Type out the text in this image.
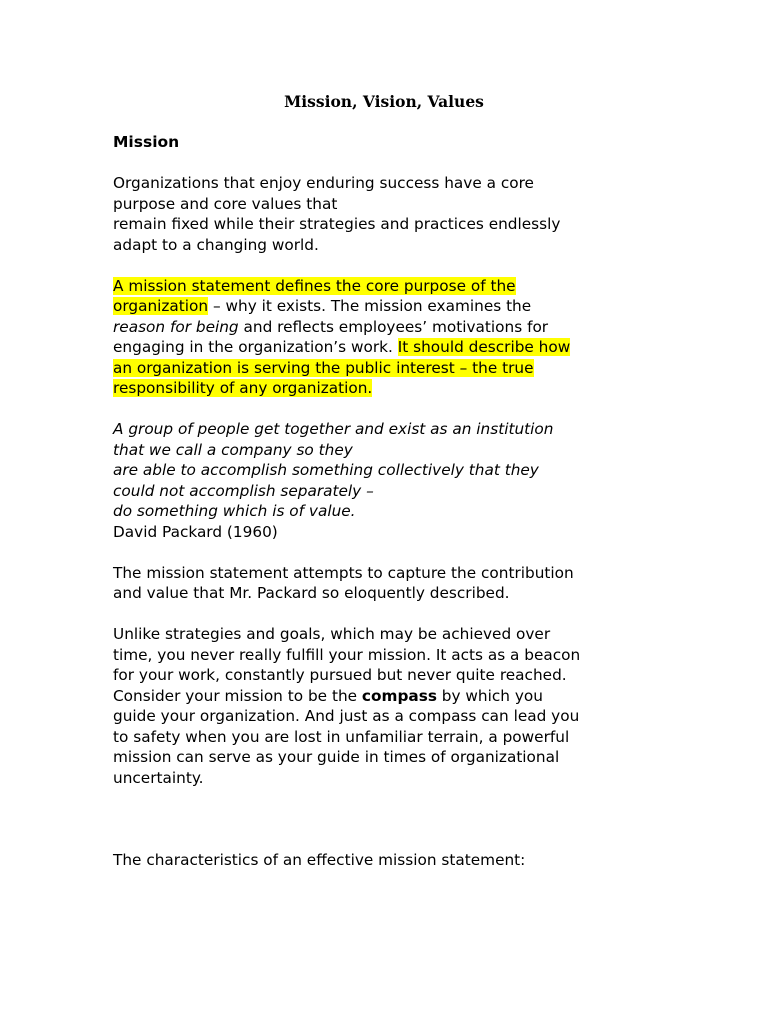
Mission, Vision, Values

Mission

Organizations that enjoy enduring success have a core
purpose and core values that
remain fixed while their strategies and practices endlessly
adapt to a changing world.

A mission statement defines the core purpose of the
organization – why it exists. The mission examines the
reason for being and reflects employees’ motivations for
engaging in the organization’s work. It should describe how
an organization is serving the public interest – the true
responsibility of any organization.

A group of people get together and exist as an institution
that we call a company so they
are able to accomplish something collectively that they
could not accomplish separately –
do something which is of value.

David Packard (1960)

The mission statement attempts to capture the contribution
and value that Mr. Packard so eloquently described.

Unlike strategies and goals, which may be achieved over
time, you never really fulfill your mission. It acts as a beacon
for your work, constantly pursued but never quite reached.
Consider your mission to be the compass by which you
guide your organization. And just as a compass can lead you
to safety when you are lost in unfamiliar terrain, a powerful
mission can serve as your guide in times of organizational
uncertainty.

The characteristics of an effective mission statement:
